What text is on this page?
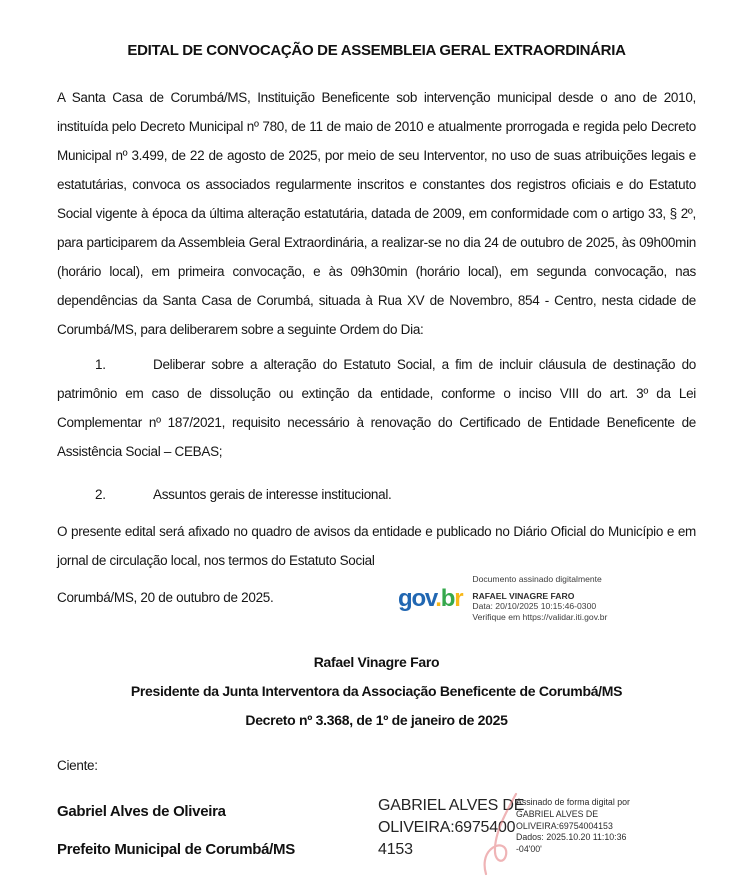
EDITAL DE CONVOCAÇÃO DE ASSEMBLEIA GERAL EXTRAORDINÁRIA

A Santa Casa de Corumbá/MS, Instituição Beneficente sob intervenção municipal desde o ano de 2010, instituída pelo Decreto Municipal nº 780, de 11 de maio de 2010 e atualmente prorrogada e regida pelo Decreto Municipal nº 3.499, de 22 de agosto de 2025, por meio de seu Interventor, no uso de suas atribuições legais e estatutárias, convoca os associados regularmente inscritos e constantes dos registros oficiais e do Estatuto Social vigente à época da última alteração estatutária, datada de 2009, em conformidade com o artigo 33, § 2º, para participarem da Assembleia Geral Extraordinária, a realizar-se no dia 24 de outubro de 2025, às 09h00min (horário local), em primeira convocação, e às 09h30min (horário local), em segunda convocação, nas dependências da Santa Casa de Corumbá, situada à Rua XV de Novembro, 854 - Centro, nesta cidade de Corumbá/MS, para deliberarem sobre a seguinte Ordem do Dia:

1.	Deliberar sobre a alteração do Estatuto Social, a fim de incluir cláusula de destinação do patrimônio em caso de dissolução ou extinção da entidade, conforme o inciso VIII do art. 3º da Lei Complementar nº 187/2021, requisito necessário à renovação do Certificado de Entidade Beneficente de Assistência Social – CEBAS;

2.	Assuntos gerais de interesse institucional.

O presente edital será afixado no quadro de avisos da entidade e publicado no Diário Oficial do Município e em jornal de circulação local, nos termos do Estatuto Social

Corumbá/MS, 20 de outubro de 2025.	gov.br
Documento assinado digitalmente
RAFAEL VINAGRE FARO
Data: 20/10/2025 10:15:46-0300
Verifique em https://validar.iti.gov.br
Rafael Vinagre Faro
Presidente da Junta Interventora da Associação Beneficente de Corumbá/MS
Decreto nº 3.368, de 1º de janeiro de 2025
Ciente:
Gabriel Alves de Oliveira
Prefeito Municipal de Corumbá/MS
GABRIEL ALVES DE
OLIVEIRA:6975400
4153
Assinado de forma digital por
GABRIEL ALVES DE
OLIVEIRA:69754004153
Dados: 2025.10.20 11:10:36
-04'00'
